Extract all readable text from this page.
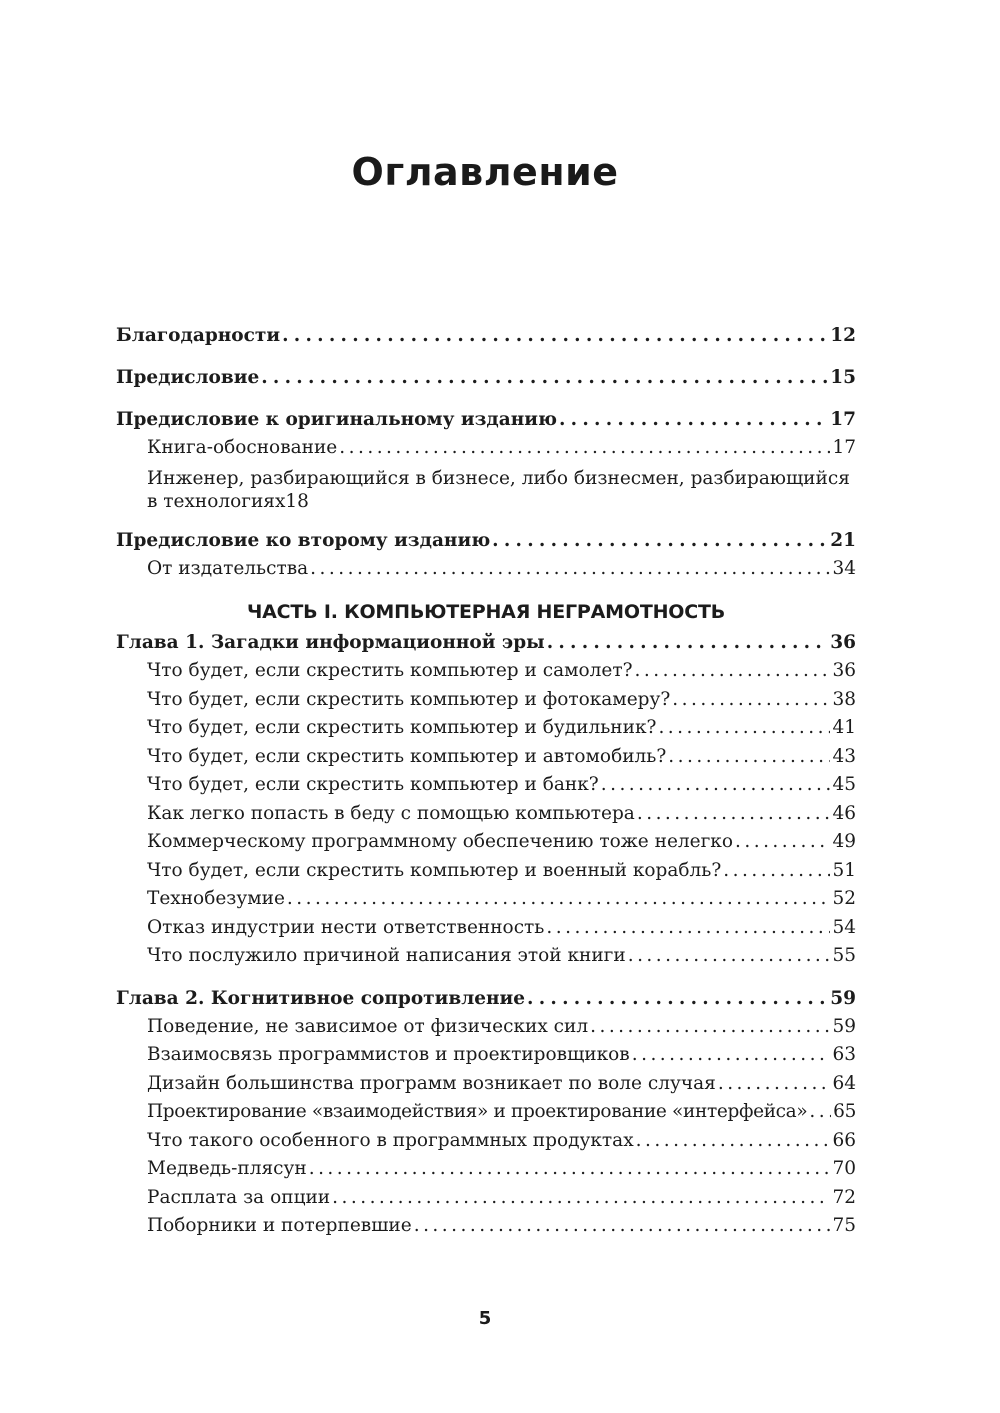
Оглавление
Благодарности . . .	12
Предисловие . . .	15
Предисловие к оригинальному изданию . . .	17
Книга-обоснование . . .	17
Инженер, разбирающийся в бизнесе, либо бизнесмен, разбирающийся
в технологиях 18
Предисловие ко второму изданию . . .	21
От издательства . . .	34
ЧАСТЬ I. КОМПЬЮТЕРНАЯ НЕГРАМОТНОСТЬ
Глава 1. Загадки информационной эры . . .	36
Что будет, если скрестить компьютер и самолет? . . .	36
Что будет, если скрестить компьютер и фотокамеру? . . .	38
Что будет, если скрестить компьютер и будильник? . . .	41
Что будет, если скрестить компьютер и автомобиль? . . .	43
Что будет, если скрестить компьютер и банк? . . .	45
Как легко попасть в беду с помощью компьютера . . .	46
Коммерческому программному обеспечению тоже нелегко . . .	49
Что будет, если скрестить компьютер и военный корабль? . . .	51
Технобезумие . . .	52
Отказ индустрии нести ответственность . . .	54
Что послужило причиной написания этой книги . . .	55
Глава 2. Когнитивное сопротивление . . .	59
Поведение, не зависимое от физических сил . . .	59
Взаимосвязь программистов и проектировщиков . . .	63
Дизайн большинства программ возникает по воле случая . . .	64
Проектирование «взаимодействия» и проектирование «интерфейса» . . . 65
Что такого особенного в программных продуктах . . .	66
Медведь-плясун . . .	70
Расплата за опции . . .	72
Поборники и потерпевшие . . .	75
5
